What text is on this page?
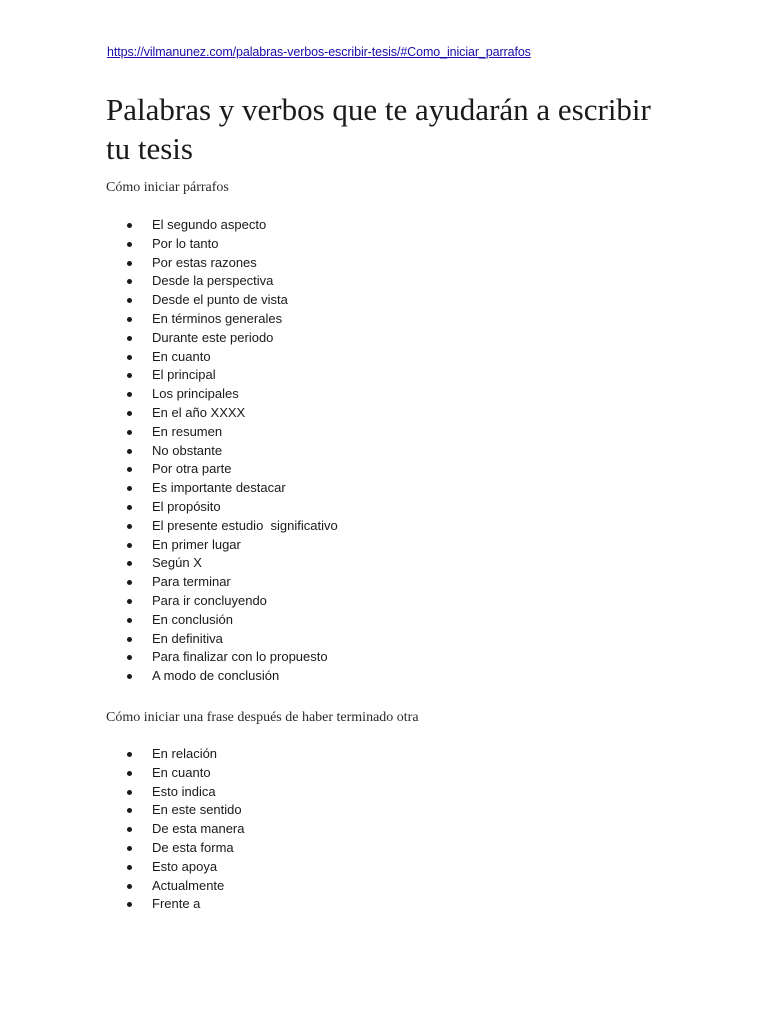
https://vilmanunez.com/palabras-verbos-escribir-tesis/#Como_iniciar_parrafos
Palabras y verbos que te ayudarán a escribir tu tesis

Cómo iniciar párrafos

El segundo aspecto
Por lo tanto
Por estas razones
Desde la perspectiva
Desde el punto de vista
En términos generales
Durante este periodo
En cuanto
El principal
Los principales
En el año XXXX
En resumen
No obstante
Por otra parte
Es importante destacar
El propósito
El presente estudio  significativo
En primer lugar
Según X
Para terminar
Para ir concluyendo
En conclusión
En definitiva
Para finalizar con lo propuesto
A modo de conclusión

Cómo iniciar una frase después de haber terminado otra

En relación
En cuanto
Esto indica
En este sentido
De esta manera
De esta forma
Esto apoya
Actualmente
Frente a
